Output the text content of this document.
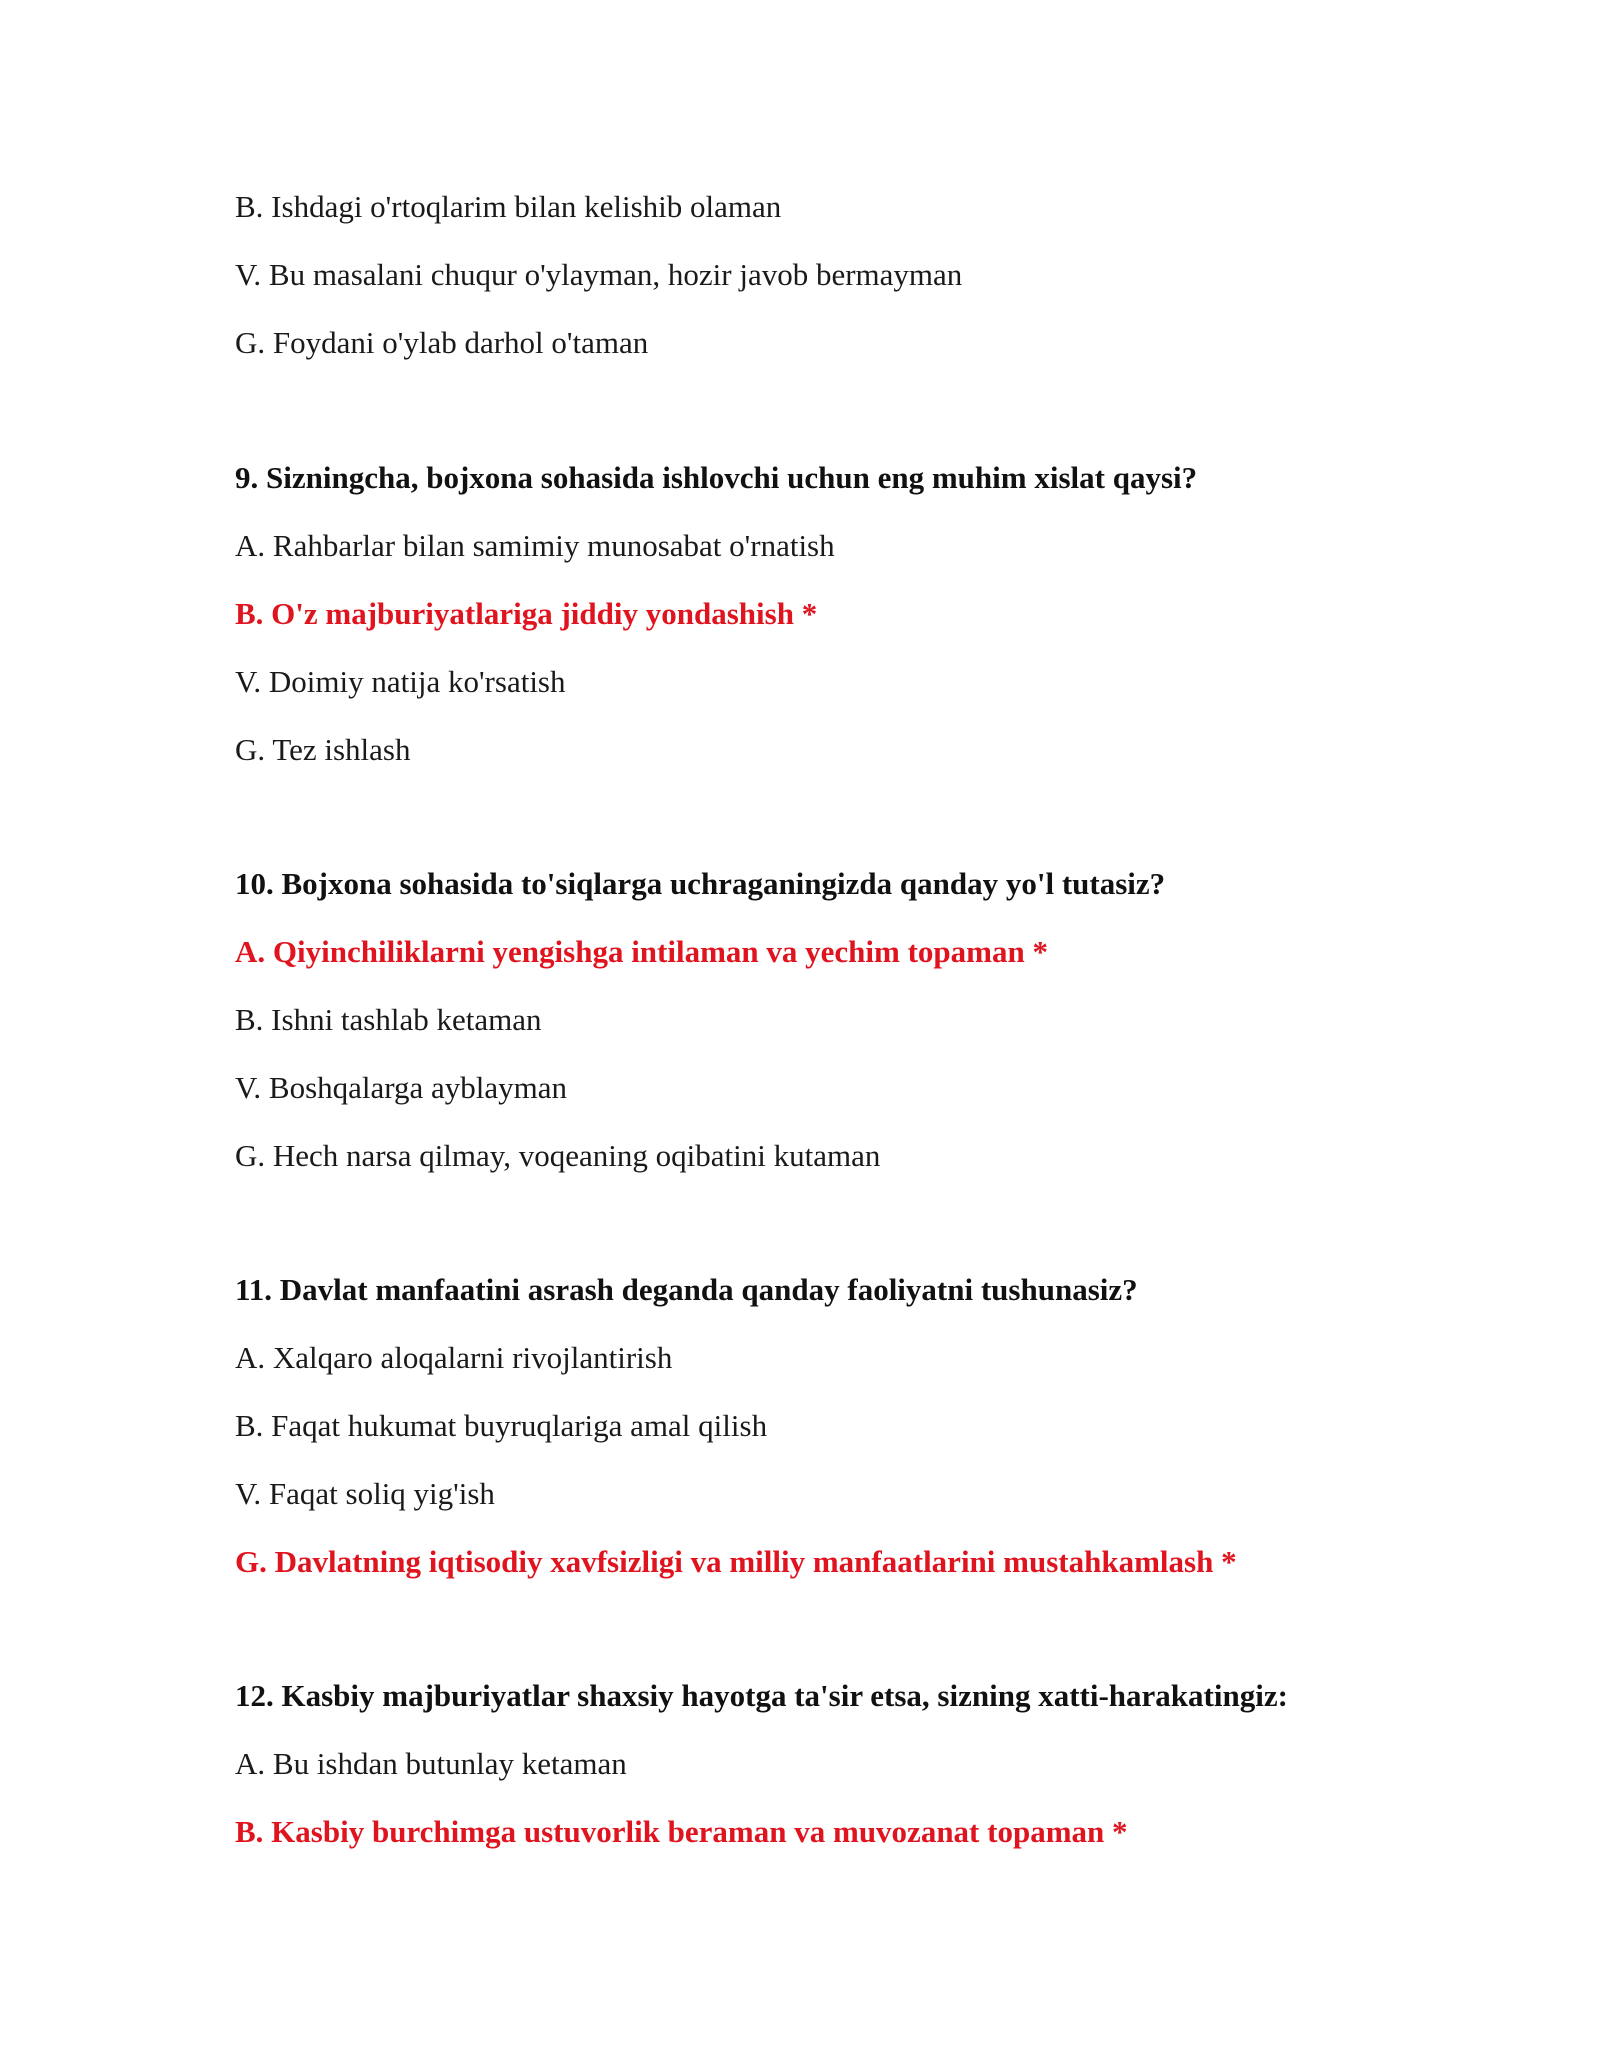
B. Ishdagi o'rtoqlarim bilan kelishib olaman

V. Bu masalani chuqur o'ylayman, hozir javob bermayman

G. Foydani o'ylab darhol o'taman

9. Sizningcha, bojxona sohasida ishlovchi uchun eng muhim xislat qaysi?

A. Rahbarlar bilan samimiy munosabat o'rnatish

B. O'z majburiyatlariga jiddiy yondashish *

V. Doimiy natija ko'rsatish

G. Tez ishlash

10. Bojxona sohasida to'siqlarga uchraganingizda qanday yo'l tutasiz?

A. Qiyinchiliklarni yengishga intilaman va yechim topaman *

B. Ishni tashlab ketaman

V. Boshqalarga ayblayman

G. Hech narsa qilmay, voqeaning oqibatini kutaman

11. Davlat manfaatini asrash deganda qanday faoliyatni tushunasiz?

A. Xalqaro aloqalarni rivojlantirish

B. Faqat hukumat buyruqlariga amal qilish

V. Faqat soliq yig'ish

G. Davlatning iqtisodiy xavfsizligi va milliy manfaatlarini mustahkamlash *

12. Kasbiy majburiyatlar shaxsiy hayotga ta'sir etsa, sizning xatti-harakatingiz:

A. Bu ishdan butunlay ketaman

B. Kasbiy burchimga ustuvorlik beraman va muvozanat topaman *
